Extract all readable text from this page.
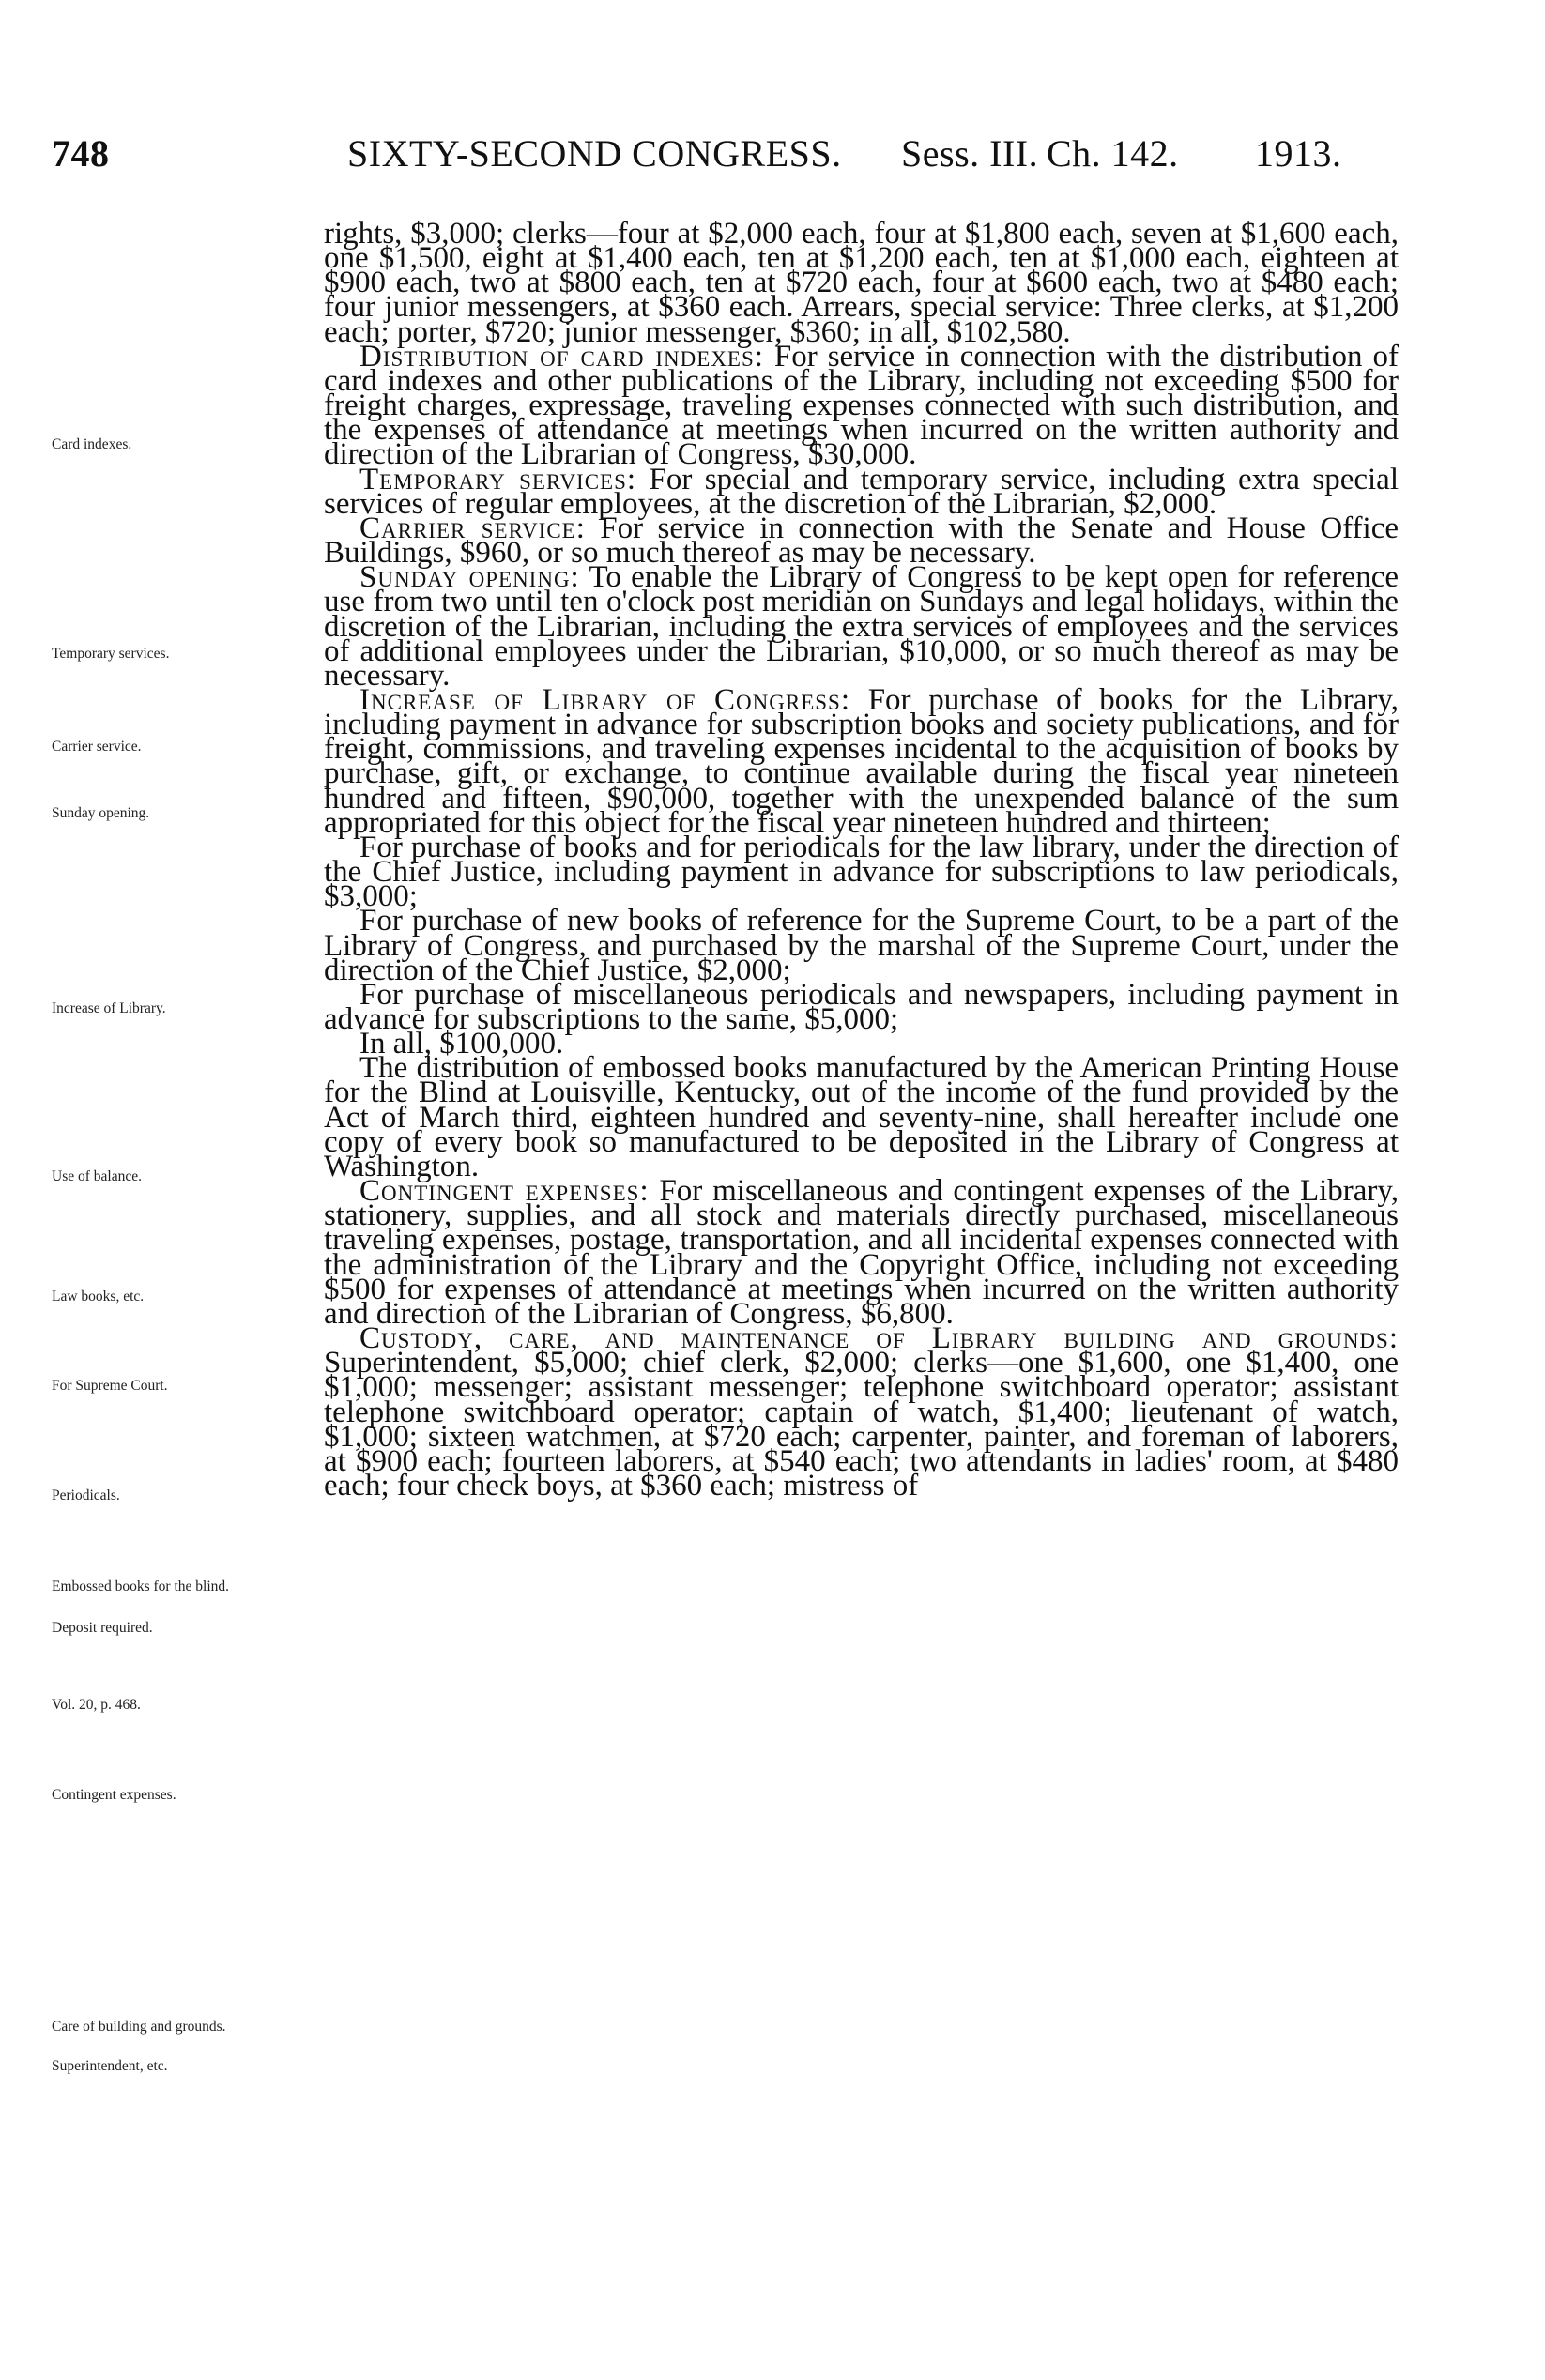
748	SIXTY-SECOND CONGRESS. Sess. III. Ch. 142. 1913.
Card indexes.
Temporary services.
Carrier service.
Sunday opening.
Increase of Library.
Use of balance.
Law books, etc.
For Supreme Court.
Periodicals.
Embossed books for the blind.
Deposit required.
Vol. 20, p. 468.
Contingent expenses.
Care of building and grounds.
Superintendent, etc.

rights, $3,000; clerks—four at $2,000 each, four at $1,800 each, seven at $1,600 each, one $1,500, eight at $1,400 each, ten at $1,200 each, ten at $1,000 each, eighteen at $900 each, two at $800 each, ten at $720 each, four at $600 each, two at $480 each; four junior messengers, at $360 each. Arrears, special service: Three clerks, at $1,200 each; porter, $720; junior messenger, $360; in all, $102,580.

Distribution of card indexes: For service in connection with the distribution of card indexes and other publications of the Library, including not exceeding $500 for freight charges, expressage, traveling expenses connected with such distribution, and the expenses of attendance at meetings when incurred on the written authority and direction of the Librarian of Congress, $30,000.

Temporary services: For special and temporary service, including extra special services of regular employees, at the discretion of the Librarian, $2,000.

Carrier service: For service in connection with the Senate and House Office Buildings, $960, or so much thereof as may be necessary.

Sunday opening: To enable the Library of Congress to be kept open for reference use from two until ten o'clock post meridian on Sundays and legal holidays, within the discretion of the Librarian, including the extra services of employees and the services of additional employees under the Librarian, $10,000, or so much thereof as may be necessary.

Increase of Library of Congress: For purchase of books for the Library, including payment in advance for subscription books and society publications, and for freight, commissions, and traveling expenses incidental to the acquisition of books by purchase, gift, or exchange, to continue available during the fiscal year nineteen hundred and fifteen, $90,000, together with the unexpended balance of the sum appropriated for this object for the fiscal year nineteen hundred and thirteen;

For purchase of books and for periodicals for the law library, under the direction of the Chief Justice, including payment in advance for subscriptions to law periodicals, $3,000;

For purchase of new books of reference for the Supreme Court, to be a part of the Library of Congress, and purchased by the marshal of the Supreme Court, under the direction of the Chief Justice, $2,000;

For purchase of miscellaneous periodicals and newspapers, including payment in advance for subscriptions to the same, $5,000;

In all, $100,000.

The distribution of embossed books manufactured by the American Printing House for the Blind at Louisville, Kentucky, out of the income of the fund provided by the Act of March third, eighteen hundred and seventy-nine, shall hereafter include one copy of every book so manufactured to be deposited in the Library of Congress at Washington.

Contingent expenses: For miscellaneous and contingent expenses of the Library, stationery, supplies, and all stock and materials directly purchased, miscellaneous traveling expenses, postage, transportation, and all incidental expenses connected with the administration of the Library and the Copyright Office, including not exceeding $500 for expenses of attendance at meetings when incurred on the written authority and direction of the Librarian of Congress, $6,800.

Custody, care, and maintenance of Library building and grounds: Superintendent, $5,000; chief clerk, $2,000; clerks—one $1,600, one $1,400, one $1,000; messenger; assistant messenger; telephone switchboard operator; assistant telephone switchboard operator; captain of watch, $1,400; lieutenant of watch, $1,000; sixteen watchmen, at $720 each; carpenter, painter, and foreman of laborers, at $900 each; fourteen laborers, at $540 each; two attendants in ladies' room, at $480 each; four check boys, at $360 each; mistress of
